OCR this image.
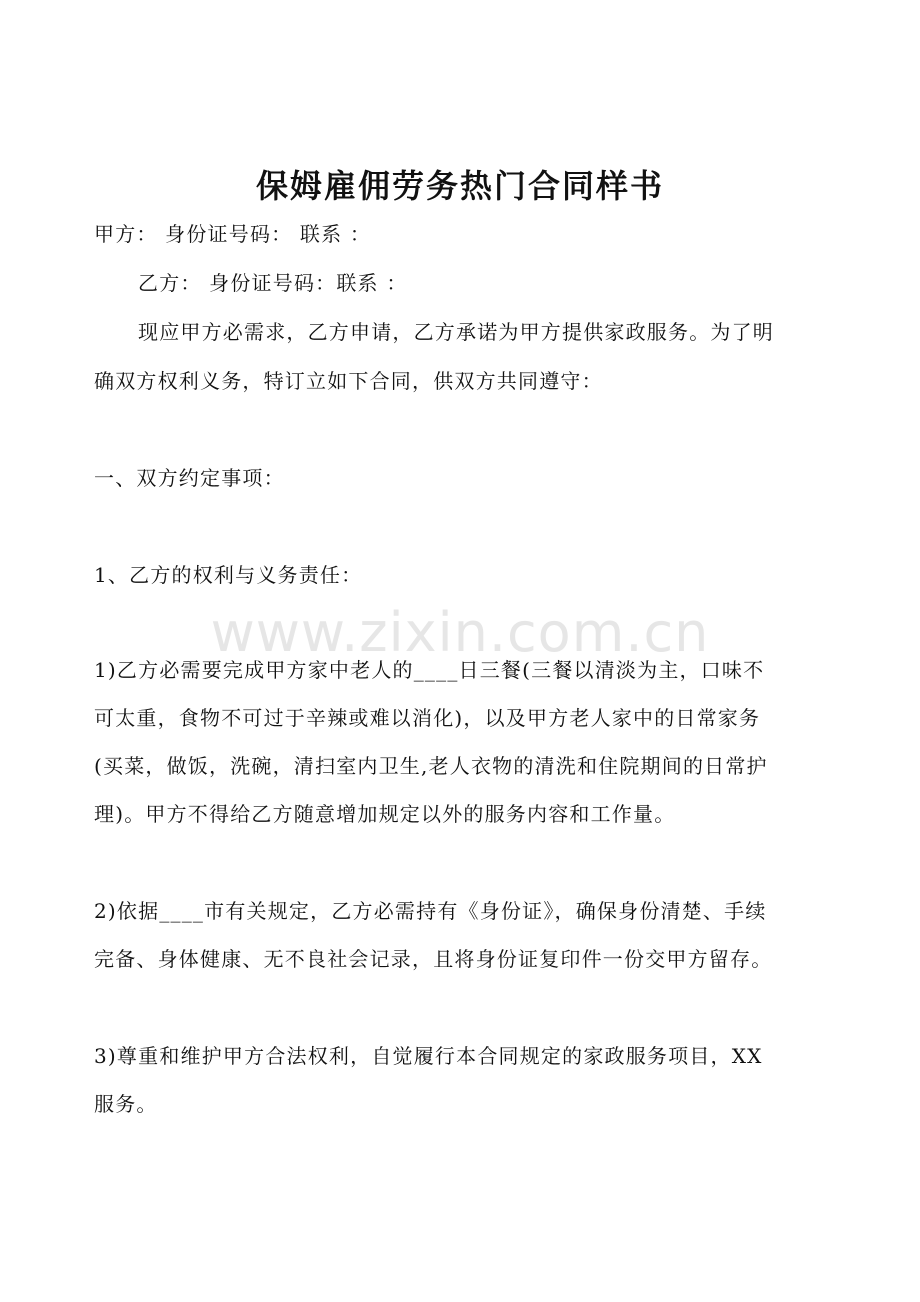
保姆雇佣劳务热门合同样书
甲方： 身份证号码： 联系 ：
乙方： 身份证号码：联系 ：
现应甲方必需求，乙方申请，乙方承诺为甲方提供家政服务。为了明
确双方权利义务，特订立如下合同，供双方共同遵守：
一、双方约定事项：
1、乙方的权利与义务责任：
www.zixin.com.cn
1)乙方必需要完成甲方家中老人的____日三餐(三餐以清淡为主，口味不
可太重，食物不可过于辛辣或难以消化)，以及甲方老人家中的日常家务
(买菜，做饭，洗碗，清扫室内卫生,老人衣物的清洗和住院期间的日常护
理)。甲方不得给乙方随意增加规定以外的服务内容和工作量。
2)依据____市有关规定，乙方必需持有《身份证》，确保身份清楚、手续
完备、身体健康、无不良社会记录，且将身份证复印件一份交甲方留存。
3)尊重和维护甲方合法权利，自觉履行本合同规定的家政服务项目，XX
服务。
